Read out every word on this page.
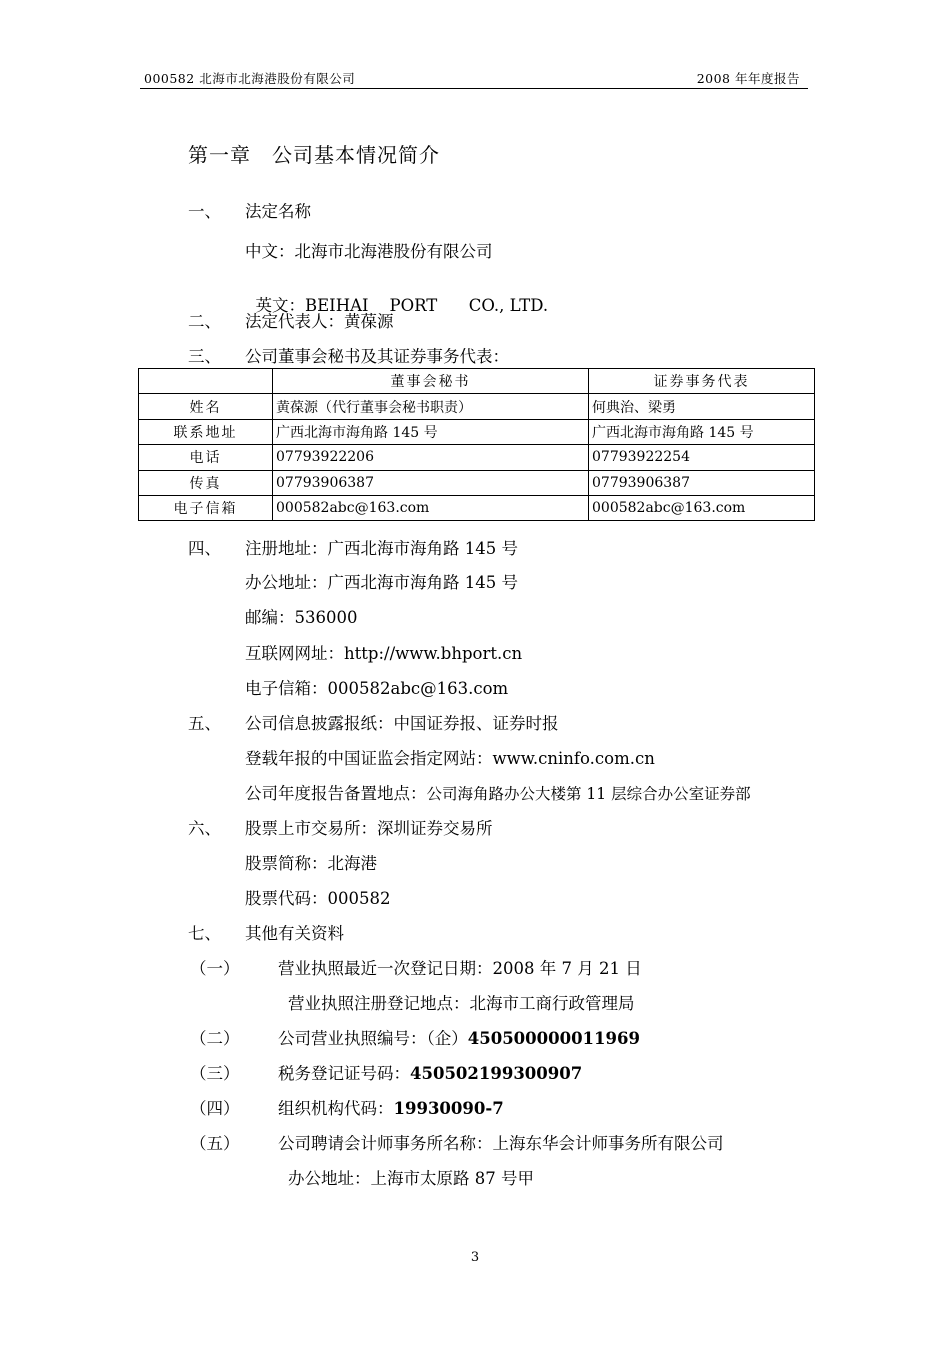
000582 北海市北海港股份有限公司	2008 年年度报告
第一章　公司基本情况简介
一、 法定名称
中文：北海市北海港股份有限公司

英文：BEIHAI    PORT      CO., LTD.

二、 法定代表人：黄葆源
三、 公司董事会秘书及其证券事务代表：
	董事会秘书	证券事务代表
姓名	黄葆源（代行董事会秘书职责）	何典治、梁勇
联系地址	广西北海市海角路 145 号	广西北海市海角路 145 号
电话	07793922206	07793922254
传真	07793906387	07793906387
电子信箱	000582abc@163.com	000582abc@163.com
四、 注册地址：广西北海市海角路 145 号
办公地址：广西北海市海角路 145 号
邮编：536000
互联网网址：http://www.bhport.cn
电子信箱：000582abc@163.com
五、 公司信息披露报纸：中国证券报、证券时报
登载年报的中国证监会指定网站：www.cninfo.com.cn
公司年度报告备置地点：公司海角路办公大楼第 11 层综合办公室证券部
六、 股票上市交易所：深圳证券交易所
股票简称：北海港
股票代码：000582
七、 其他有关资料
（一） 营业执照最近一次登记日期：2008 年 7 月 21 日
营业执照注册登记地点：北海市工商行政管理局
（二） 公司营业执照编号：（企）450500000011969
（三） 税务登记证号码：450502199300907
（四） 组织机构代码：19930090-7
（五） 公司聘请会计师事务所名称：上海东华会计师事务所有限公司
办公地址：上海市太原路 87 号甲
3
